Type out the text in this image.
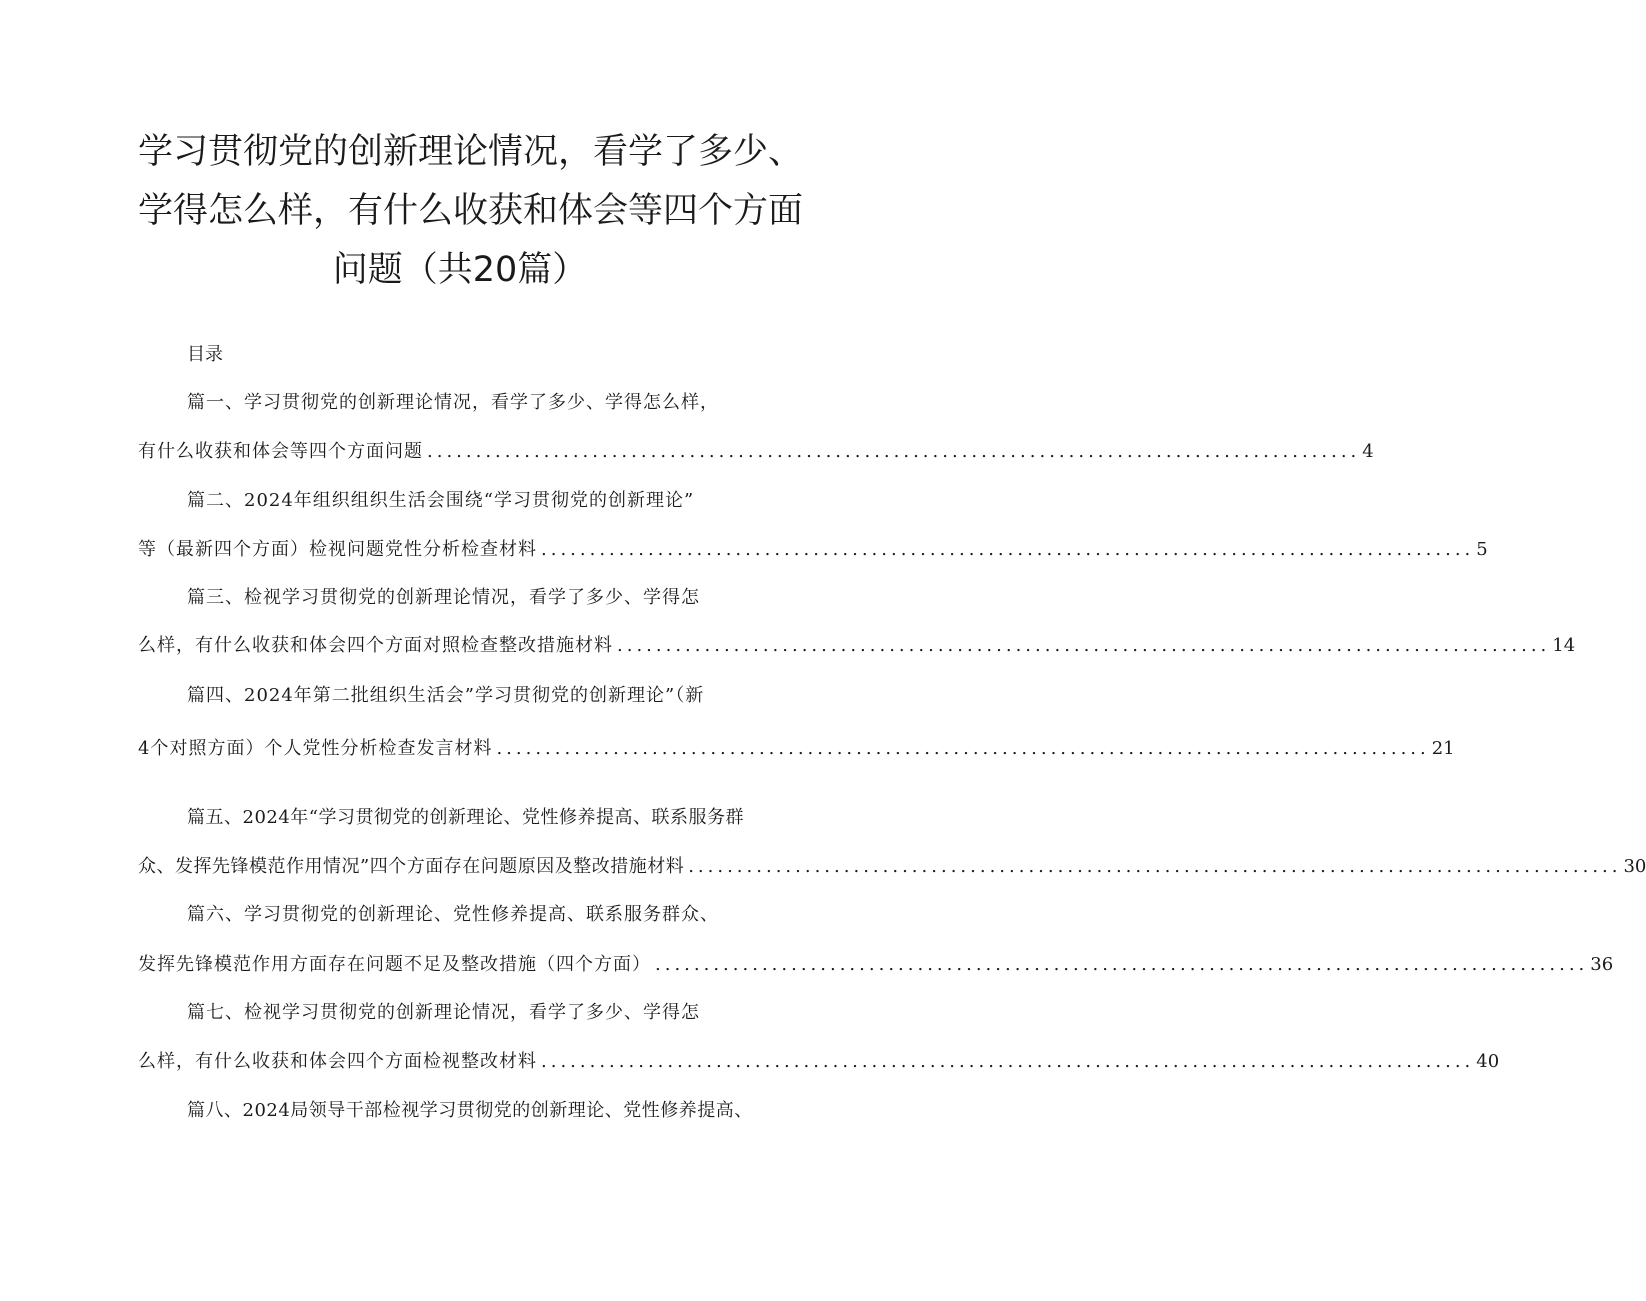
学习贯彻党的创新理论情况，看学了多少、
学得怎么样，有什么收获和体会等四个方面
问题（共20篇）
目录
篇一、学习贯彻党的创新理论情况，看学了多少、学得怎么样，
有什么收获和体会等四个方面问题 ................................................................................................ 4
篇二、2024年组织组织生活会围绕“学习贯彻党的创新理论”
等（最新四个方面）检视问题党性分析检查材料 ................................................................................................ 5
篇三、检视学习贯彻党的创新理论情况，看学了多少、学得怎
么样，有什么收获和体会四个方面对照检查整改措施材料 ................................................................................................ 14
篇四、2024年第二批组织生活会”学习贯彻党的创新理论”（新
4个对照方面）个人党性分析检查发言材料 ................................................................................................ 21
篇五、2024年“学习贯彻党的创新理论、党性修养提高、联系服务群
众、发挥先锋模范作用情况”四个方面存在问题原因及整改措施材料 ................................................................................................ 30
篇六、学习贯彻党的创新理论、党性修养提高、联系服务群众、
发挥先锋模范作用方面存在问题不足及整改措施（四个方面） ................................................................................................ 36
篇七、检视学习贯彻党的创新理论情况，看学了多少、学得怎
么样，有什么收获和体会四个方面检视整改材料 ................................................................................................ 40
篇八、2024局领导干部检视学习贯彻党的创新理论、党性修养提高、
